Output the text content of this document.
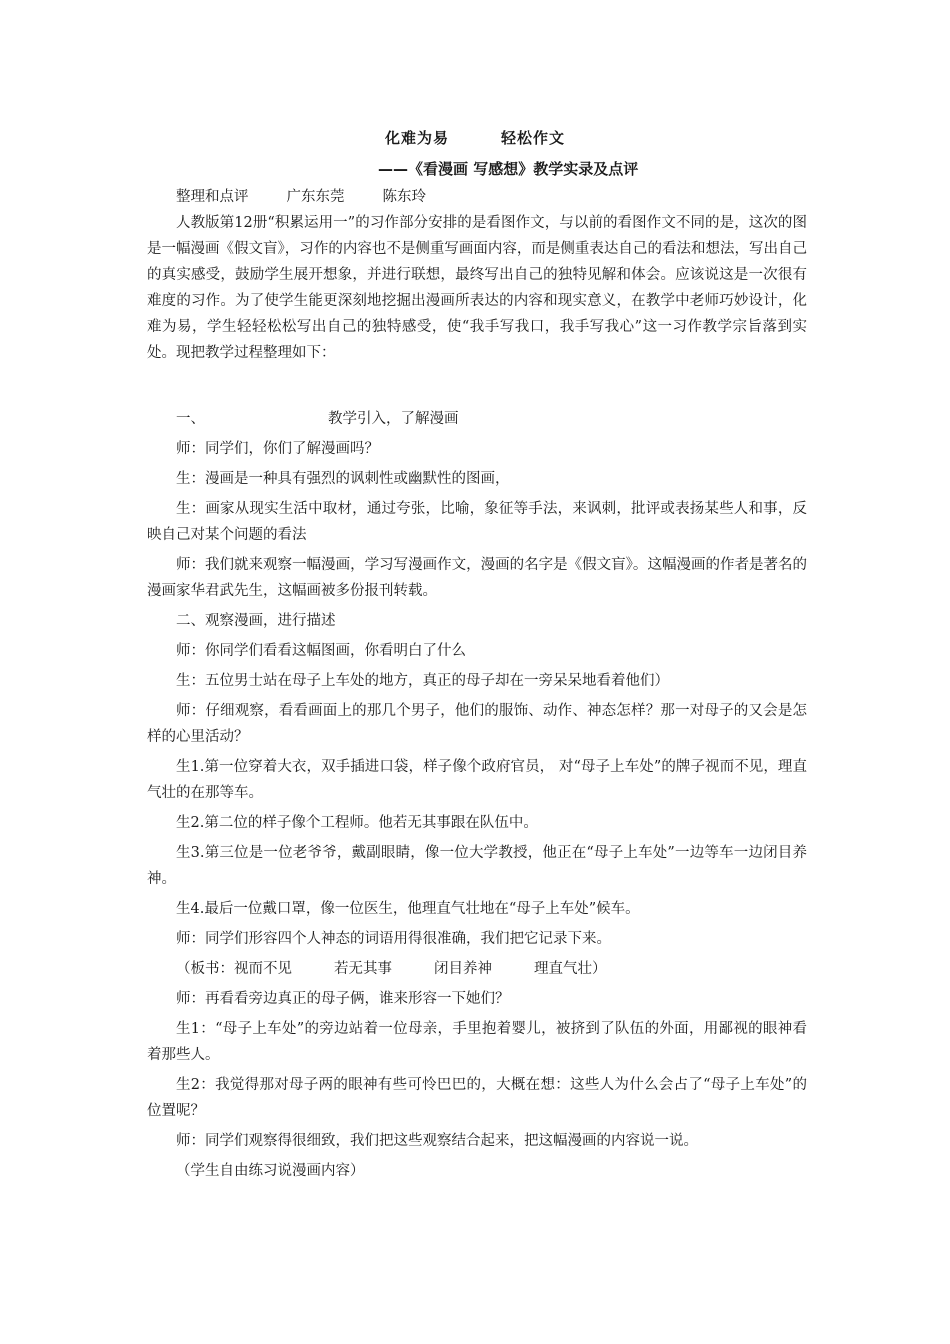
化难为易	轻松作文
——《看漫画 写感想》教学实录及点评

整理和点评	广东东莞	陈东玲

人教版第12册“积累运用一”的习作部分安排的是看图作文，与以前的看图作文不同的是，这次的图是一幅漫画《假文盲》，习作的内容也不是侧重写画面内容，而是侧重表达自己的看法和想法，写出自己的真实感受，鼓励学生展开想象，并进行联想，最终写出自己的独特见解和体会。应该说这是一次很有难度的习作。为了使学生能更深刻地挖掘出漫画所表达的内容和现实意义，在教学中老师巧妙设计，化难为易，学生轻轻松松写出自己的独特感受，使“我手写我口，我手写我心”这一习作教学宗旨落到实处。现把教学过程整理如下：

一、	教学引入，了解漫画

师：同学们，你们了解漫画吗？

生：漫画是一种具有强烈的讽刺性或幽默性的图画，

生：画家从现实生活中取材，通过夸张，比喻，象征等手法，来讽刺，批评或表扬某些人和事，反映自己对某个问题的看法

师：我们就来观察一幅漫画，学习写漫画作文，漫画的名字是《假文盲》。这幅漫画的作者是著名的漫画家华君武先生，这幅画被多份报刊转载。

二、观察漫画，进行描述

师：你同学们看看这幅图画，你看明白了什么

生：五位男士站在母子上车处的地方，真正的母子却在一旁呆呆地看着他们）

师：仔细观察，看看画面上的那几个男子，他们的服饰、动作、神态怎样？那一对母子的又会是怎样的心里活动？

生1.第一位穿着大衣，双手插进口袋，样子像个政府官员， 对“母子上车处”的牌子视而不见，理直气壮的在那等车。

生2.第二位的样子像个工程师。他若无其事跟在队伍中。

生3.第三位是一位老爷爷，戴副眼睛，像一位大学教授，他正在“母子上车处”一边等车一边闭目养神。

生4.最后一位戴口罩，像一位医生，他理直气壮地在“母子上车处”候车。

师：同学们形容四个人神态的词语用得很准确，我们把它记录下来。

（板书：视而不见	若无其事	闭目养神	理直气壮）

师：再看看旁边真正的母子俩，谁来形容一下她们？

生1：“母子上车处”的旁边站着一位母亲，手里抱着婴儿，被挤到了队伍的外面，用鄙视的眼神看着那些人。

生2：我觉得那对母子两的眼神有些可怜巴巴的，大概在想：这些人为什么会占了“母子上车处”的位置呢？

师：同学们观察得很细致，我们把这些观察结合起来，把这幅漫画的内容说一说。

（学生自由练习说漫画内容）
